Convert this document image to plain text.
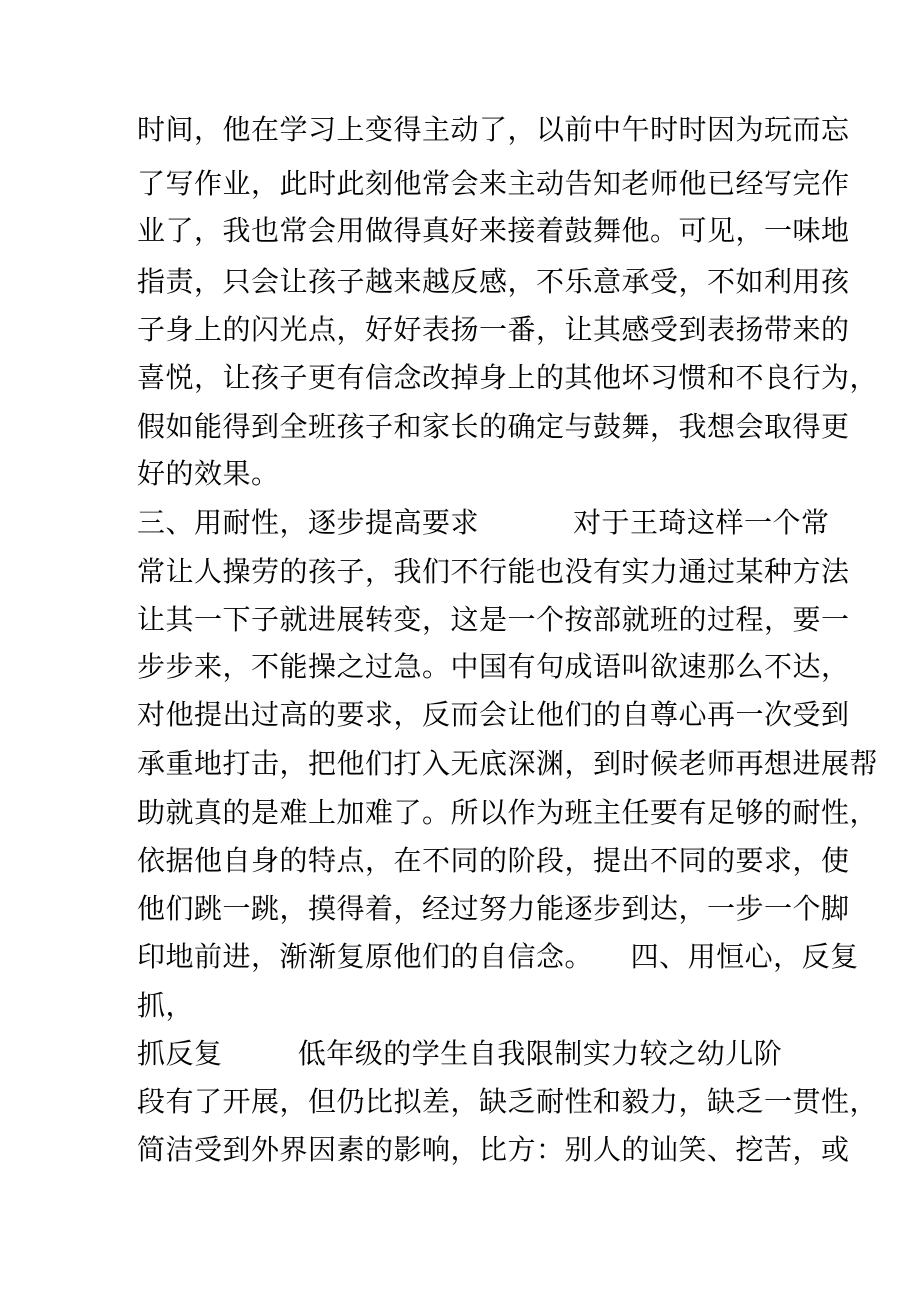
时间，他在学习上变得主动了，以前中午时时因为玩而忘
了写作业，此时此刻他常会来主动告知老师他已经写完作
业了，我也常会用做得真好来接着鼓舞他。可见，一味地
指责，只会让孩子越来越反感，不乐意承受，不如利用孩
子身上的闪光点，好好表扬一番，让其感受到表扬带来的
喜悦，让孩子更有信念改掉身上的其他坏习惯和不良行为，
假如能得到全班孩子和家长的确定与鼓舞，我想会取得更
好的效果。
三、用耐性，逐步提高要求          对于王琦这样一个常
常让人操劳的孩子，我们不行能也没有实力通过某种方法
让其一下子就进展转变，这是一个按部就班的过程，要一
步步来，不能操之过急。中国有句成语叫欲速那么不达，
对他提出过高的要求，反而会让他们的自尊心再一次受到
承重地打击，把他们打入无底深渊，到时候老师再想进展帮
助就真的是难上加难了。所以作为班主任要有足够的耐性，
依据他自身的特点，在不同的阶段，提出不同的要求，使
他们跳一跳，摸得着，经过努力能逐步到达，一步一个脚
印地前进，渐渐复原他们的自信念。    四、用恒心，反复
抓，
抓反复        低年级的学生自我限制实力较之幼儿阶
段有了开展，但仍比拟差，缺乏耐性和毅力，缺乏一贯性，
简洁受到外界因素的影响，比方：别人的讪笑、挖苦，或
